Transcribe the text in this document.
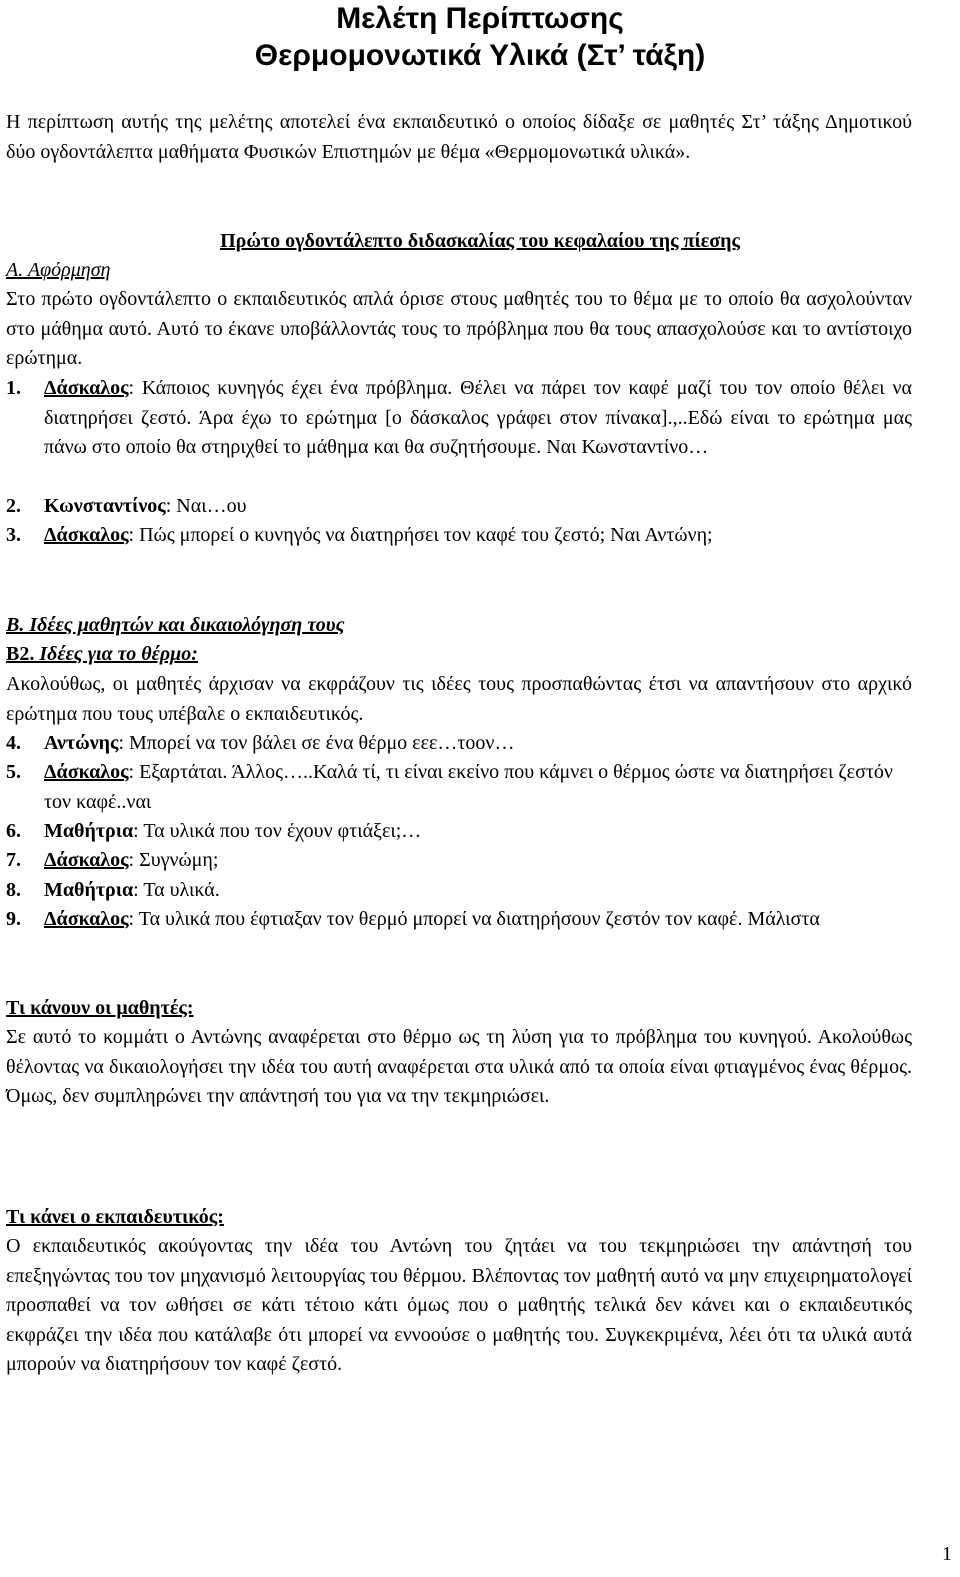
Μελέτη Περίπτωσης
Θερμομονωτικά Υλικά (Στ’ τάξη)

Η περίπτωση αυτής της μελέτης αποτελεί ένα εκπαιδευτικό ο οποίος δίδαξε σε μαθητές Στ’ τάξης Δημοτικού δύο ογδοντάλεπτα μαθήματα Φυσικών Επιστημών με θέμα «Θερμομονωτικά υλικά».

Πρώτο ογδοντάλεπτο διδασκαλίας του κεφαλαίου της πίεσης
Α. Αφόρμηση

Στο πρώτο ογδοντάλεπτο ο εκπαιδευτικός απλά όρισε στους μαθητές του το θέμα με το οποίο θα ασχολούνταν στο μάθημα αυτό. Αυτό το έκανε υποβάλλοντάς τους το πρόβλημα που θα τους απασχολούσε και το αντίστοιχο ερώτημα.

1. Δάσκαλος: Κάποιος κυνηγός έχει ένα πρόβλημα. Θέλει να πάρει τον καφέ μαζί του τον οποίο θέλει να διατηρήσει ζεστό. Άρα έχω το ερώτημα [ο δάσκαλος γράφει στον πίνακα].,..Εδώ είναι το ερώτημα μας πάνω στο οποίο θα στηριχθεί το μάθημα και θα συζητήσουμε. Ναι Κωνσταντίνο…
2. Κωνσταντίνος: Ναι…ου
3. Δάσκαλος: Πώς μπορεί ο κυνηγός να διατηρήσει τον καφέ του ζεστό; Ναι Αντώνη;
Β. Ιδέες μαθητών και δικαιολόγηση τους
Β2. Ιδέες για το θέρμο:

Ακολούθως, οι μαθητές άρχισαν να εκφράζουν τις ιδέες τους προσπαθώντας έτσι να απαντήσουν στο αρχικό ερώτημα που τους υπέβαλε ο εκπαιδευτικός.

4. Αντώνης: Μπορεί να τον βάλει σε ένα θέρμο εεε…τοον…
5. Δάσκαλος: Εξαρτάται. Άλλος…..Καλά τί, τι είναι εκείνο που κάμνει ο θέρμος ώστε να διατηρήσει ζεστόν τον καφέ..ναι
6. Μαθήτρια: Τα υλικά που τον έχουν φτιάξει;…
7. Δάσκαλος: Συγνώμη;
8. Μαθήτρια: Τα υλικά.
9. Δάσκαλος: Τα υλικά που έφτιαξαν τον θερμό μπορεί να διατηρήσουν ζεστόν τον καφέ. Μάλιστα
Τι κάνουν οι μαθητές:

Σε αυτό το κομμάτι ο Αντώνης αναφέρεται στο θέρμο ως τη λύση για το πρόβλημα του κυνηγού. Ακολούθως θέλοντας να δικαιολογήσει την ιδέα του αυτή αναφέρεται στα υλικά από τα οποία είναι φτιαγμένος ένας θέρμος. Όμως, δεν συμπληρώνει την απάντησή του για να την τεκμηριώσει.

Τι κάνει ο εκπαιδευτικός:

Ο εκπαιδευτικός ακούγοντας την ιδέα του Αντώνη του ζητάει να του τεκμηριώσει την απάντησή του επεξηγώντας του τον μηχανισμό λειτουργίας του θέρμου. Βλέποντας τον μαθητή αυτό να μην επιχειρηματολογεί προσπαθεί να τον ωθήσει σε κάτι τέτοιο κάτι όμως που ο μαθητής τελικά δεν κάνει και ο εκπαιδευτικός εκφράζει την ιδέα που κατάλαβε ότι μπορεί να εννοούσε ο μαθητής του. Συγκεκριμένα, λέει ότι τα υλικά αυτά μπορούν να διατηρήσουν τον καφέ ζεστό.

1
